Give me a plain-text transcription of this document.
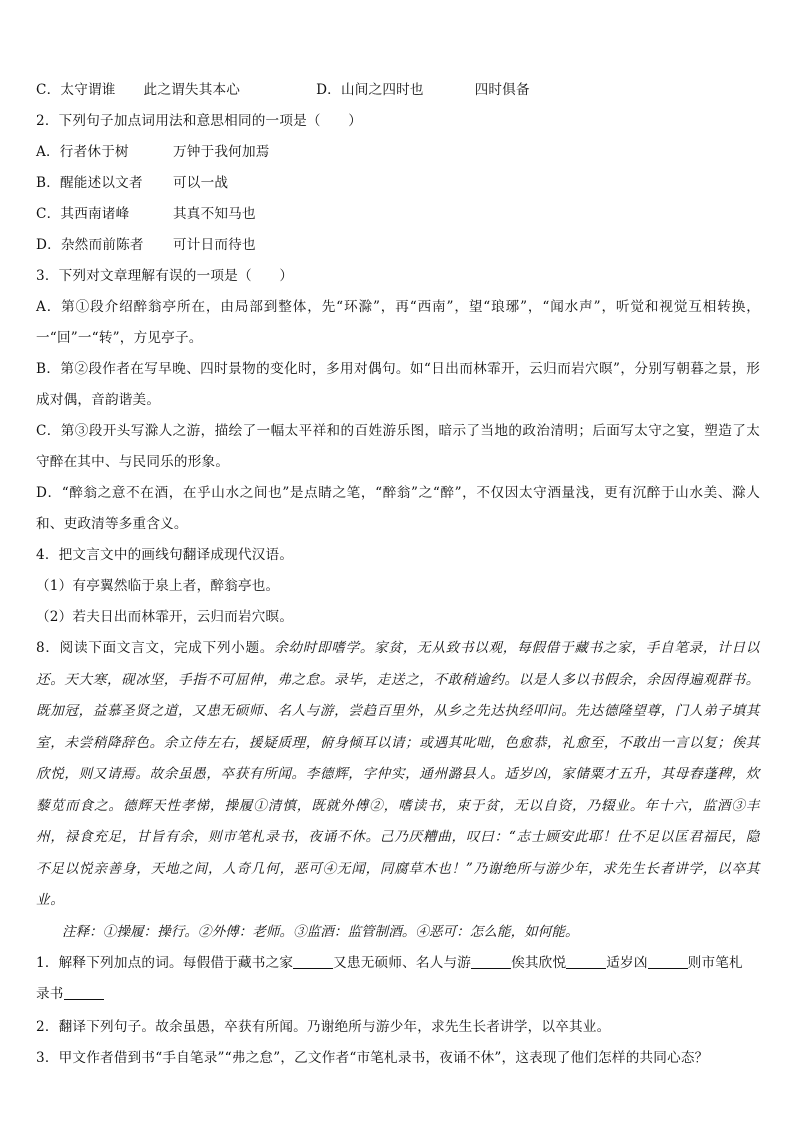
C．太守谓谁 此之谓失其本心	D．山间之四时也	四时俱备
2．下列句子加点词用法和意思相同的一项是（　　）
A．行者休于树	万钟于我何加焉
B．醒能述以文者 可以一战
C．其西南诸峰	其真不知马也
D．杂然而前陈者 可计日而待也
3．下列对文章理解有误的一项是（　　）
A．第①段介绍醉翁亭所在，由局部到整体，先“环滁”，再“西南”，望“琅琊”，“闻水声”，听觉和视觉互相转换，一“回”一“转”，方见亭子。
B．第②段作者在写早晚、四时景物的变化时，多用对偶句。如“日出而林霏开，云归而岩穴暝”，分别写朝暮之景，形成对偶，音韵谐美。
C．第③段开头写滁人之游，描绘了一幅太平祥和的百姓游乐图，暗示了当地的政治清明；后面写太守之宴，塑造了太守醉在其中、与民同乐的形象。
D．“醉翁之意不在酒，在乎山水之间也”是点睛之笔，“醉翁”之“醉”，不仅因太守酒量浅，更有沉醉于山水美、滁人和、吏政清等多重含义。
4．把文言文中的画线句翻译成现代汉语。
（1）有亭翼然临于泉上者，醉翁亭也。
（2）若夫日出而林霏开，云归而岩穴暝。
8．阅读下面文言文，完成下列小题。余幼时即嗜学。家贫，无从致书以观，每假借于藏书之家，手自笔录，计日以还。天大寒，砚冰坚，手指不可屈伸，弗之怠。录毕，走送之，不敢稍逾约。以是人多以书假余，余因得遍观群书。既加冠，益慕圣贤之道，又患无硕师、名人与游，尝趋百里外，从乡之先达执经叩问。先达德隆望尊，门人弟子填其室，未尝稍降辞色。余立侍左右，援疑质理，俯身倾耳以请；或遇其叱咄，色愈恭，礼愈至，不敢出一言以复；俟其欣悦，则又请焉。故余虽愚，卒获有所闻。李德辉，字仲实，通州潞县人。适岁凶，家储粟才五升，其母舂蓬稗，炊藜苋而食之。德辉天性孝悌，操履①清慎，既就外傅②，嗜读书，束于贫，无以自资，乃辍业。年十六，监酒③丰州，禄食充足，甘旨有余，则市笔札录书，夜诵不休。己乃厌糟曲，叹曰：“志士顾安此耶！仕不足以匡君福民，隐不足以悦亲善身，天地之间，人奇几何，恶可④无闻，同腐草木也！”乃谢绝所与游少年，求先生长者讲学，以卒其业。
注释：①操履：操行。②外傅：老师。③监酒：监管制酒。④恶可：怎么能，如何能。
1．解释下列加点的词。每假借于藏书之家	又患无硕师、名人与游	俟其欣悦	适岁凶	则市笔札
录书
2．翻译下列句子。故余虽愚，卒获有所闻。乃谢绝所与游少年，求先生长者讲学，以卒其业。
3．甲文作者借到书“手自笔录”“弗之怠”，乙文作者“市笔札录书，夜诵不休”，这表现了他们怎样的共同心态？
